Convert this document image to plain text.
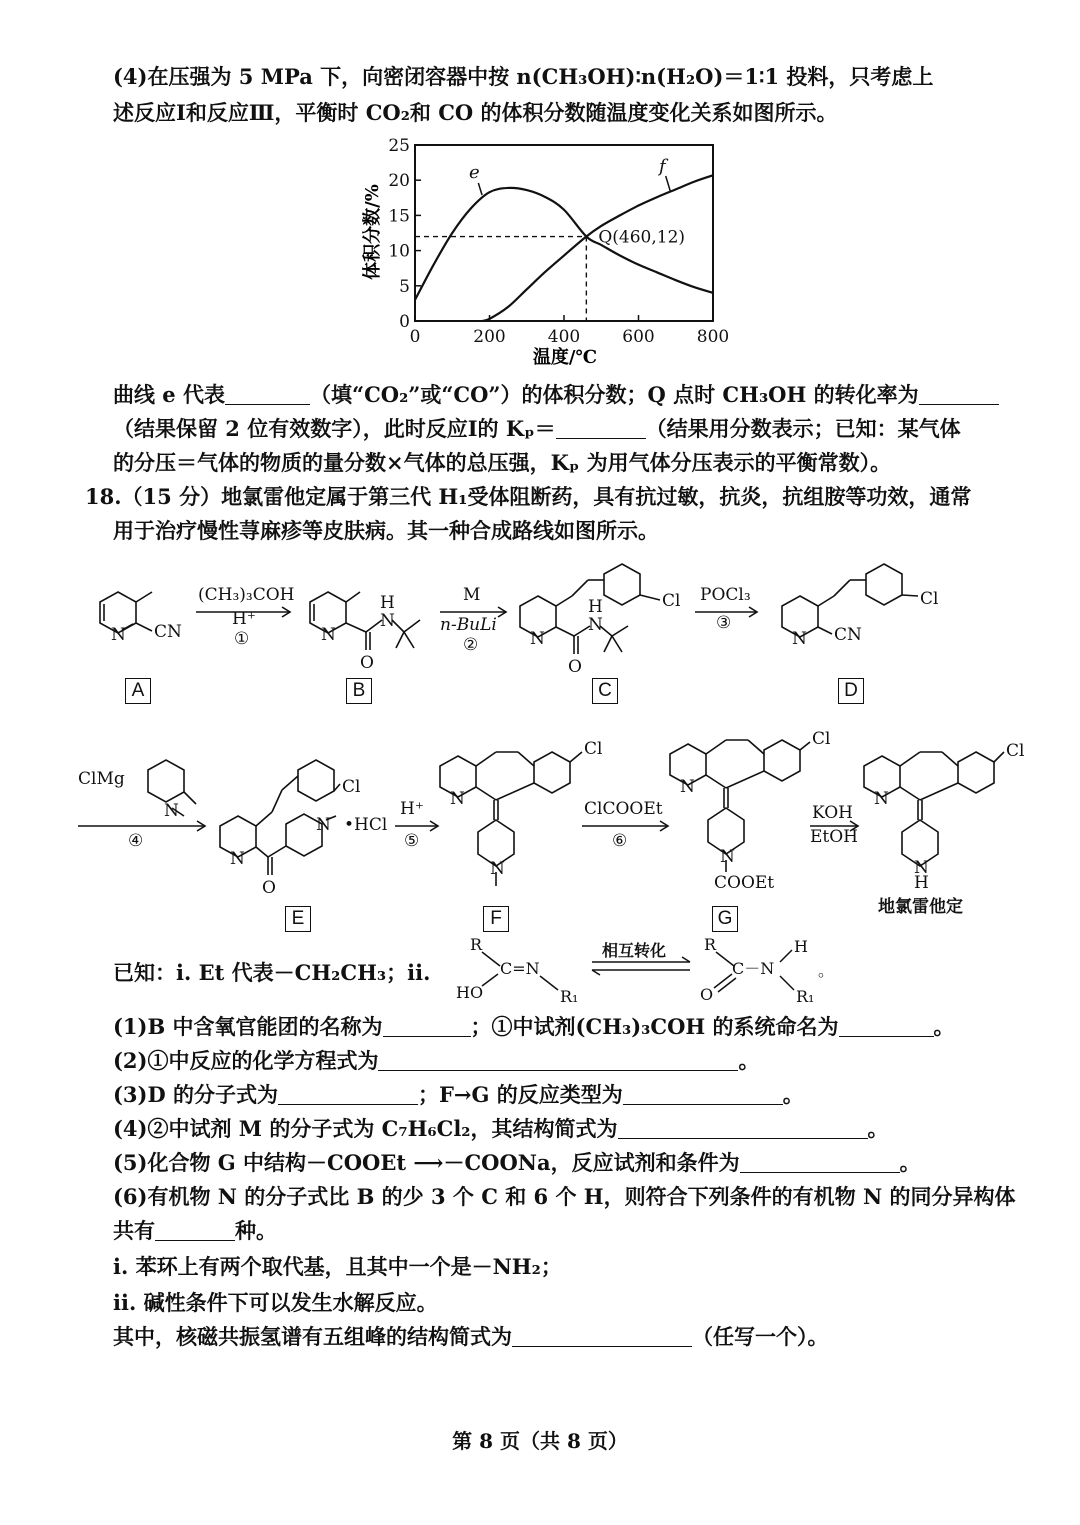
(4)在压强为 5 MPa 下，向密闭容器中按 n(CH₃OH)∶n(H₂O)＝1∶1 投料，只考虑上
述反应Ⅰ和反应Ⅲ，平衡时 CO₂和 CO 的体积分数随温度变化关系如图所示。
0	200 400 600 800
0
5
10
15
20
25
e	f
Q(460,12)
体积分数/%
温度/℃
曲线 e 代表	（填“CO₂”或“CO”）的体积分数；Q 点时 CH₃OH 的转化率为
（结果保留 2 位有效数字），此时反应Ⅰ的 Kₚ＝	（结果用分数表示；已知：某气体
的分压＝气体的物质的量分数×气体的总压强，Kₚ 为用气体分压表示的平衡常数）。
18.（15 分）地氯雷他定属于第三代 H₁受体阻断药，具有抗过敏，抗炎，抗组胺等功效，通常
用于治疗慢性荨麻疹等皮肤病。其一种合成路线如图所示。
N CN
(CH₃)₃COH
H⁺
①	N
H
N
O
M
n-BuLi
②	N
Cl
H
N
O
POCl₃
③
N CN
Cl
ClMg
N
④
N
O
N
Cl
•HCl
H⁺
⑤
N
N
Cl
ClCOOEt
⑥
N
N
Cl
COOEt
KOH
EtOH
N
N
H
Cl
地氯雷他定
A	B	C	D
E	F	G
已知：ⅰ. Et 代表－CH₂CH₃；ⅱ.
R
C=N
HO	R₁
相互转化 R
C－N
O
H
R₁
。
(1)B 中含氧官能团的名称为	；①中试剂(CH₃)₃COH 的系统命名为	。
(2)①中反应的化学方程式为	。
(3)D 的分子式为	；F→G 的反应类型为	。
(4)②中试剂 M 的分子式为 C₇H₆Cl₂，其结构简式为	。
(5)化合物 G 中结构－COOEt ⟶－COONa，反应试剂和条件为	。
(6)有机物 N 的分子式比 B 的少 3 个 C 和 6 个 H，则符合下列条件的有机物 N 的同分异构体
共有	种。
ⅰ. 苯环上有两个取代基，且其中一个是－NH₂；
ⅱ. 碱性条件下可以发生水解反应。
其中，核磁共振氢谱有五组峰的结构简式为	（任写一个）。
第 8 页（共 8 页）
